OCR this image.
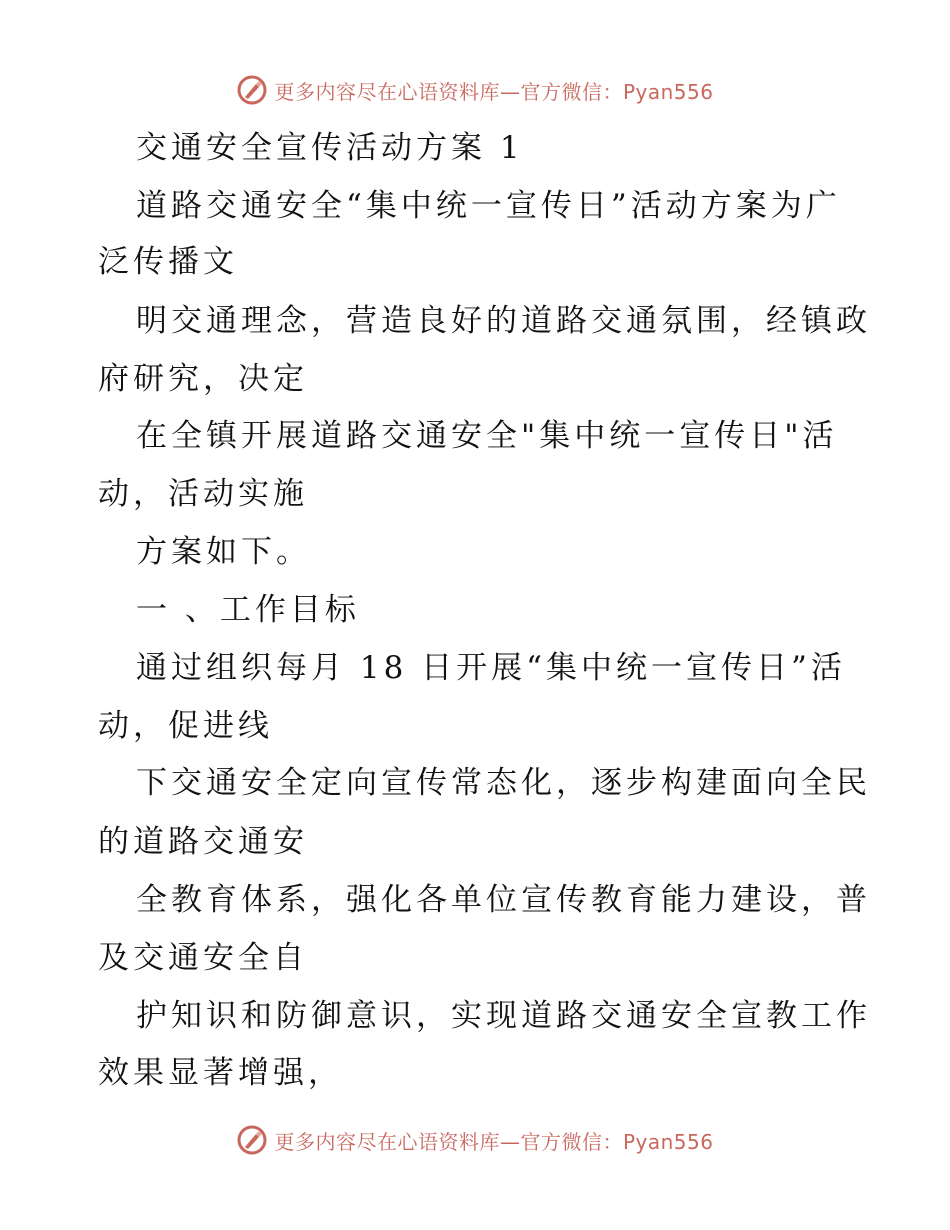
更多内容尽在心语资料库—官方微信：Pyan556
交通安全宣传活动方案 1
道路交通安全“集中统一宣传日”活动方案为广
泛传播文
明交通理念，营造良好的道路交通氛围，经镇政
府研究，决定
在全镇开展道路交通安全"集中统一宣传日"活
动，活动实施
方案如下。
一 、工作目标
通过组织每月 18 日开展“集中统一宣传日”活
动，促进线
下交通安全定向宣传常态化，逐步构建面向全民
的道路交通安
全教育体系，强化各单位宣传教育能力建设，普
及交通安全自
护知识和防御意识，实现道路交通安全宣教工作
效果显著增强，
更多内容尽在心语资料库—官方微信：Pyan556
